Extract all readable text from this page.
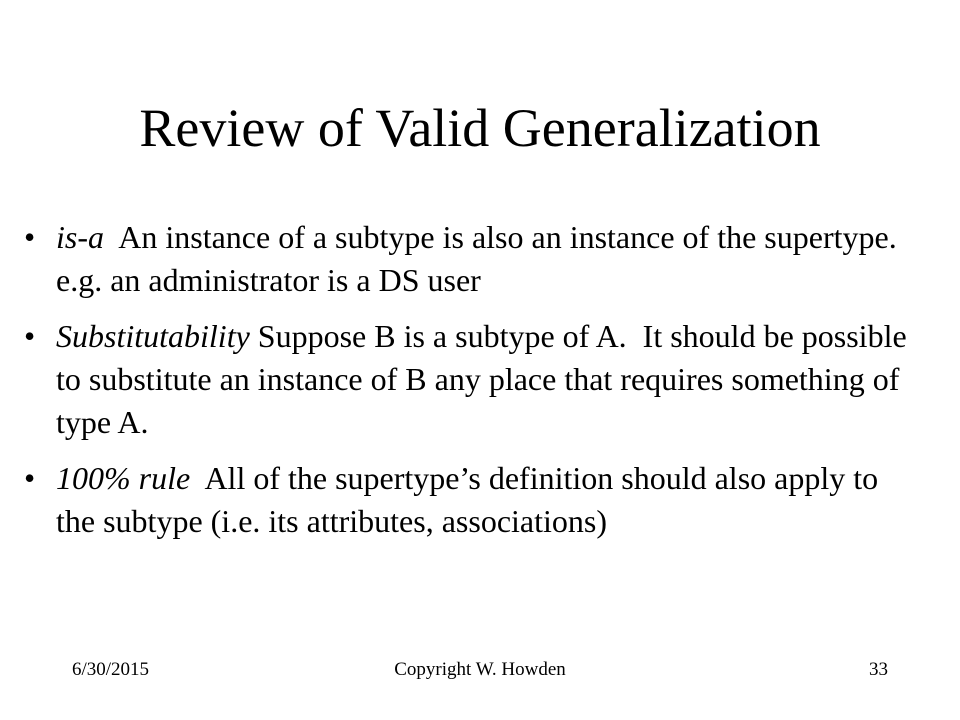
Review of Valid Generalization
• is-a  An instance of a subtype is also an instance of the supertype.  e.g. an administrator is a DS user
• Substitutability Suppose B is a subtype of A.  It should be possible to substitute an instance of B any place that requires something of type A.
• 100% rule  All of the supertype’s definition should also apply to the subtype (i.e. its attributes, associations)
6/30/2015	Copyright W. Howden	33
